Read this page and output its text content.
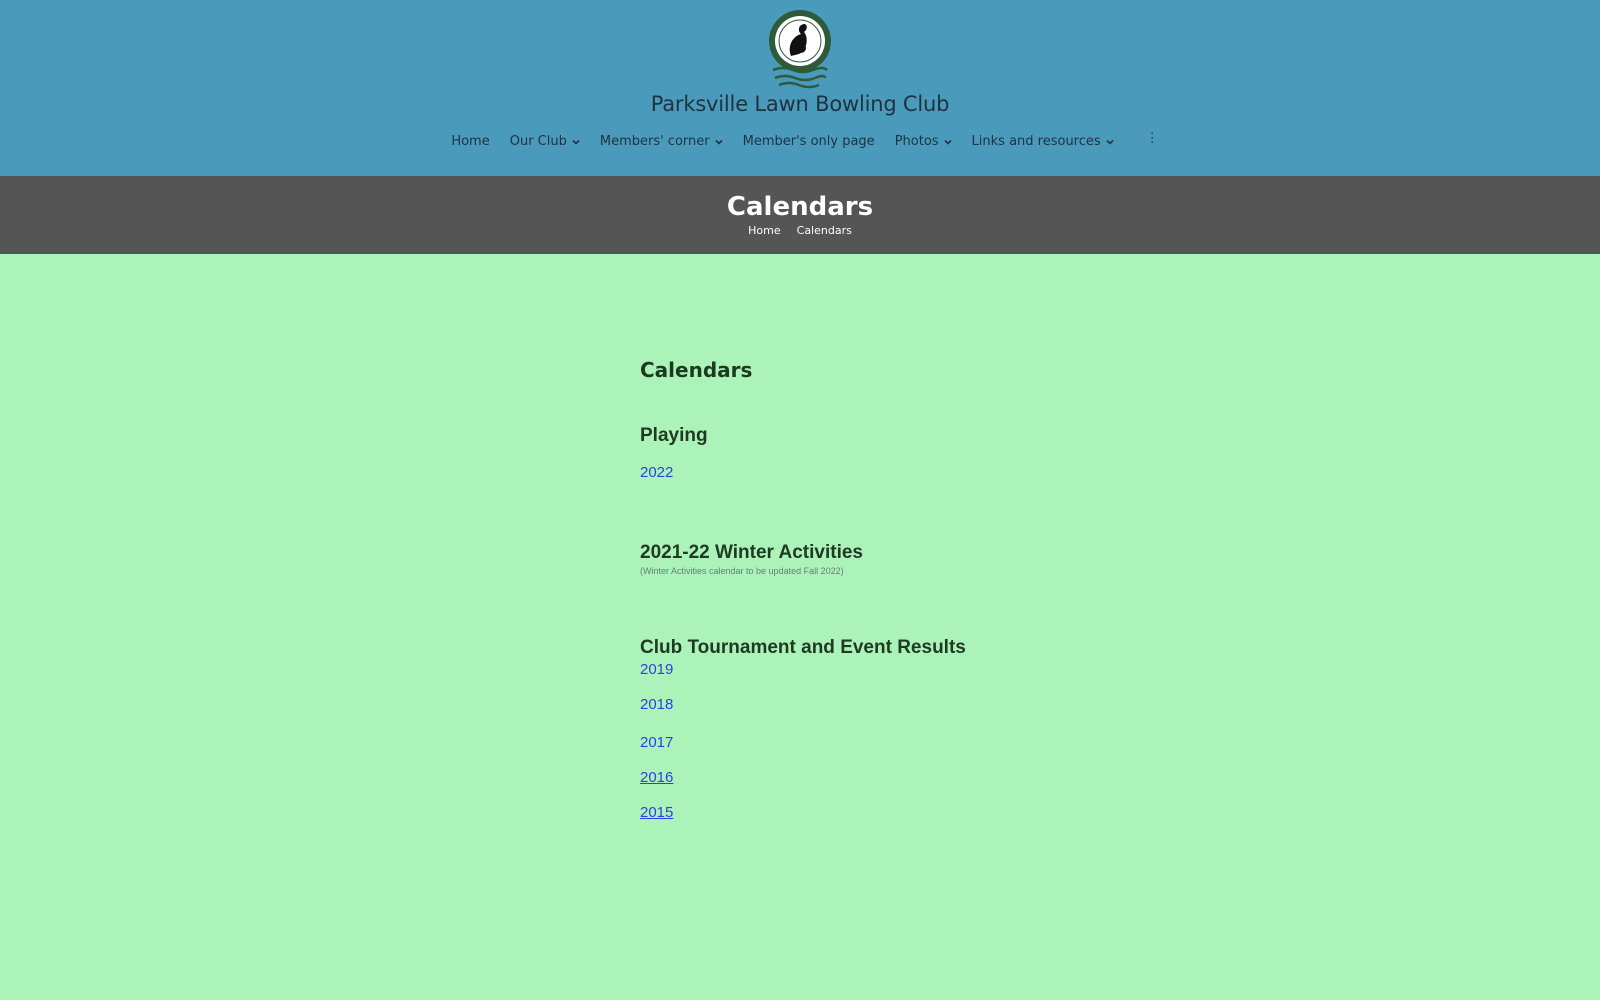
Parksville Lawn Bowling Club
Home Our Club	Members' corner	Member's only page Photos	Links and resources	⋮
Calendars
Home Calendars
Calendars
Playing
2022
2021-22 Winter Activities
(Winter Activities calendar to be updated Fall 2022)
Club Tournament and Event Results
2019
2018
2017
2016
2015
